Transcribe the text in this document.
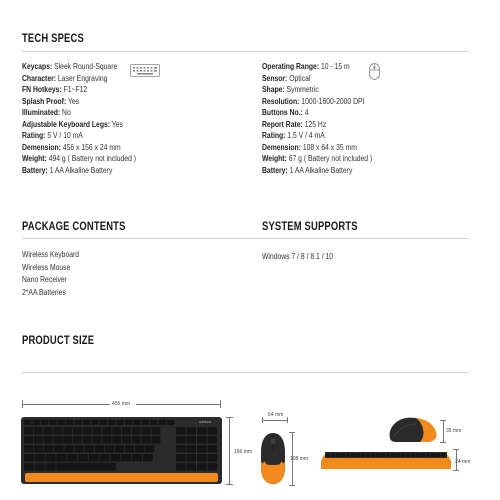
TECH SPECS
Keycaps: Sleek Round-Square
Character: Laser Engraving
FN Hotkeys: F1~F12
Splash Proof: Yes
Illuminated: No
Adjustable Keyboard Legs: Yes
Rating: 5 V / 10 mA
Demension: 456 x 156 x 24 mm
Weight: 494 g ( Battery not included )
Battery: 1 AA Alkaline Battery
Operating Range: 10 - 15 m
Sensor: Optical
Shape: Symmetric
Resolution: 1000-1600-2000 DPI
Buttons No.: 4
Report Rate: 125 Hz
Rating: 1.5 V / 4 mA
Demension: 108 x 64 x 35 mm
Weight: 67 g ( Battery not included )
Battery: 1 AA Alkaline Battery
PACKAGE CONTENTS
Wireless Keyboard
Wireless Mouse
Nano Receiver
2*AA Batteries
SYSTEM SUPPORTS
Windows 7 / 8 / 8.1 / 10
PRODUCT SIZE
456 mm
A4TECH
156 mm
64 mm
108 mm
35 mm
24 mm
